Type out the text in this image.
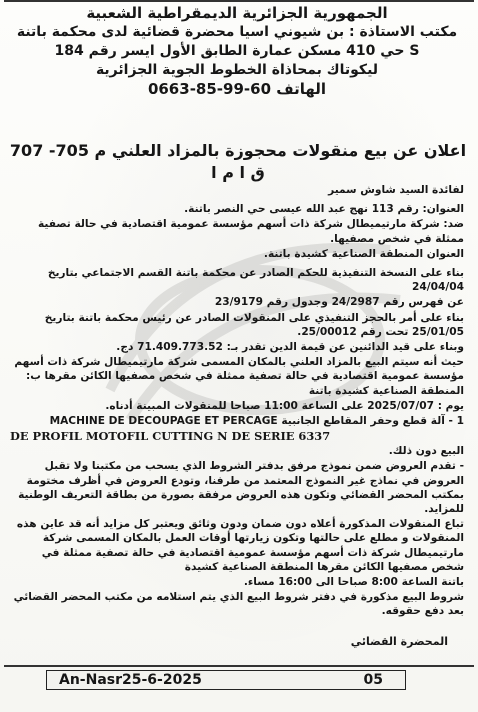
الجمهورية الجزائرية الديمقراطية الشعبية
مكتب الاستاذة : بن شيوني اسيا محضرة قضائية لدى محكمة باتنة
S حي 410 مسكن عمارة الطابق الأول ايسر رقم 184
ليكوتاك بمحاذاة الخطوط الجوية الجزائرية
الهاتف 60-99-85-0663
اعلان عن بيع منقولات محجوزة بالمزاد العلني م 705- 707 ق ا م ا

لفائدة السيد شاوش سمير

العنوان: رقم 113 نهج عبد الله عيسى حي النصر باتنة.

ضد: شركة مارتيميطال شركة ذات أسهم مؤسسة عمومية اقتصادية في حالة تصفية ممثلة في شخص مصفيها.

العنوان المنطقة الصناعية كشيدة باتنة.

بناء على النسخة التنفيذية للحكم الصادر عن محكمة باتنة القسم الاجتماعي بتاريخ 24/04/04

عن فهرس رقم 24/2987 وجدول رقم 23/9179

بناء على أمر بالحجز التنفيذي على المنقولات الصادر عن رئيس محكمة باتنة بتاريخ 25/01/05 تحت رقم 25/00012.

وبناء على قيد الدائنين عن قيمة الدين تقدر بـ: 71.409.773.52 دج.

حيث أنه سيتم البيع بالمزاد العلني بالمكان المسمى شركة مارتيميطال شركة ذات أسهم مؤسسة عمومية اقتصادية في حالة تصفية ممثلة في شخص مصفيها الكائن مقرها ب: المنطقة الصناعية كشيدة باتنة

يوم : 2025/07/07 على الساعة 11:00 صباحا للمنقولات المبينة أدناه.

1 - آلة قطع وحفر المقاطع الجانبية MACHINE DE DECOUPAGE ET PERCAGE

DE PROFIL MOTOFIL CUTTING N DE SERIE 6337

البيع دون ذلك.

- تقدم العروض ضمن نموذج مرفق بدفتر الشروط الذي يسحب من مكتبنا ولا تقبل العروض في نماذج غير النموذج المعتمد من طرفنا، وتودع العروض في أظرف مختومة بمكتب المحضر القضائي وتكون هذه العروض مرفقة بصورة من بطاقة التعريف الوطنية للمزايد.

تباع المنقولات المذكورة أعلاه دون ضمان ودون وثائق ويعتبر كل مزايد أنه قد عاين هذه المنقولات و مطلع على حالتها وتكون زيارتها أوقات العمل بالمكان المسمى شركة مارتيميطال شركة ذات أسهم مؤسسة عمومية اقتصادية في حالة تصفية ممثلة في شخص مصفيها الكائن مقرها المنطقة الصناعية كشيدة

باتنة الساعة 8:00 صباحا الى 16:00 مساء.

شروط البيع مذكورة في دفتر شروط البيع الذي يتم استلامه من مكتب المحضر القضائي بعد دفع حقوقه.

المحضرة القضائي
An-Nasr25-6-2025	05
